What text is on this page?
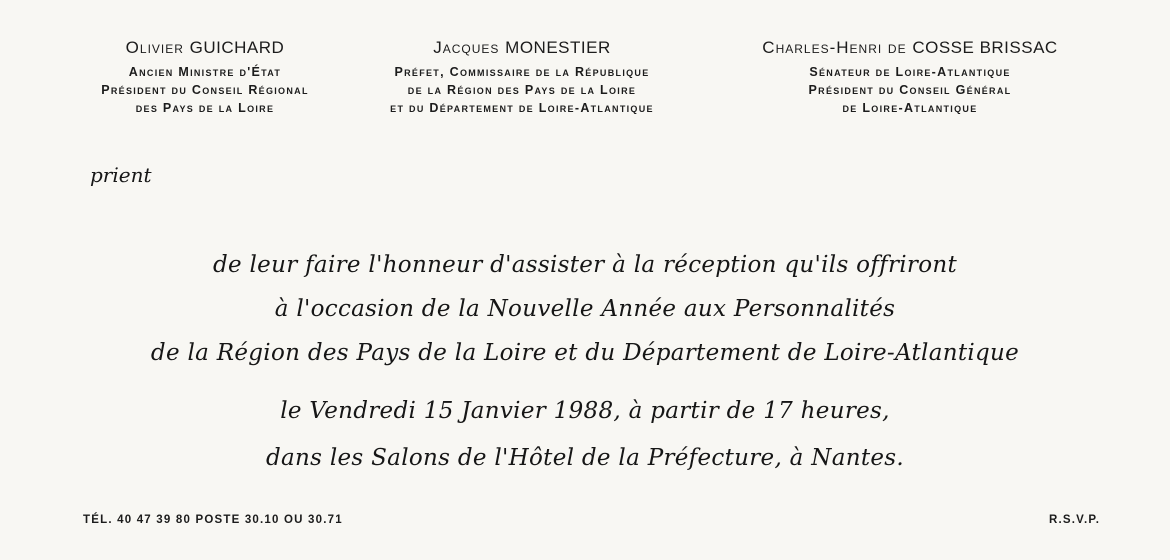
Olivier GUICHARD
Ancien Ministre d'État
Président du Conseil Régional
des Pays de la Loire
Jacques MONESTIER
Préfet, Commissaire de la République
de la Région des Pays de la Loire
et du Département de Loire-Atlantique
Charles-Henri de COSSE BRISSAC
Sénateur de Loire-Atlantique
Président du Conseil Général
de Loire-Atlantique
prient
de leur faire l'honneur d'assister à la réception qu'ils offriront
à l'occasion de la Nouvelle Année aux Personnalités
de la Région des Pays de la Loire et du Département de Loire-Atlantique
le Vendredi 15 Janvier 1988, à partir de 17 heures,
dans les Salons de l'Hôtel de la Préfecture, à Nantes.
TÉL. 40 47 39 80 POSTE 30.10 OU 30.71	R.S.V.P.
